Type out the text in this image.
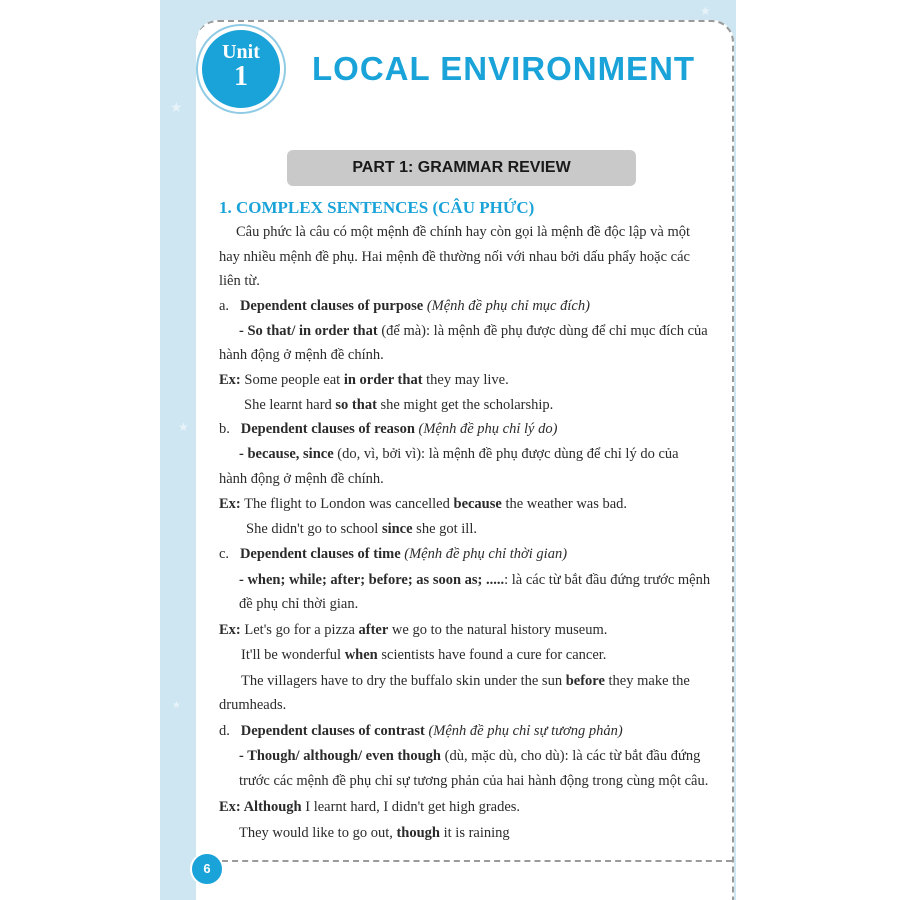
★
★
★
★
Unit
1	LOCAL ENVIRONMENT
PART 1: GRAMMAR REVIEW
1. COMPLEX SENTENCES (CÂU PHỨC)
Câu phức là câu có một mệnh đề chính hay còn gọi là mệnh đề độc lập và một
hay nhiều mệnh đề phụ. Hai mệnh đề thường nối với nhau bởi dấu phẩy hoặc các
liên từ.
a. Dependent clauses of purpose (Mệnh đề phụ chỉ mục đích)
- So that/ in order that (để mà): là mệnh đề phụ được dùng để chỉ mục đích của
hành động ở mệnh đề chính.
Ex: Some people eat in order that they may live.
She learnt hard so that she might get the scholarship.
b. Dependent clauses of reason (Mệnh đề phụ chỉ lý do)
- because, since (do, vì, bởi vì): là mệnh đề phụ được dùng để chỉ lý do của
hành động ở mệnh đề chính.
Ex: The flight to London was cancelled because the weather was bad.
She didn't go to school since she got ill.
c. Dependent clauses of time (Mệnh đề phụ chỉ thời gian)
- when; while; after; before; as soon as; .....: là các từ bắt đầu đứng trước mệnh
đề phụ chỉ thời gian.
Ex: Let's go for a pizza after we go to the natural history museum.
It'll be wonderful when scientists have found a cure for cancer.
The villagers have to dry the buffalo skin under the sun before they make the
drumheads.
d. Dependent clauses of contrast (Mệnh đề phụ chỉ sự tương phản)
- Though/ although/ even though (dù, mặc dù, cho dù): là các từ bắt đầu đứng
trước các mệnh đề phụ chỉ sự tương phản của hai hành động trong cùng một câu.
Ex: Although I learnt hard, I didn't get high grades.
They would like to go out, though it is raining
6
